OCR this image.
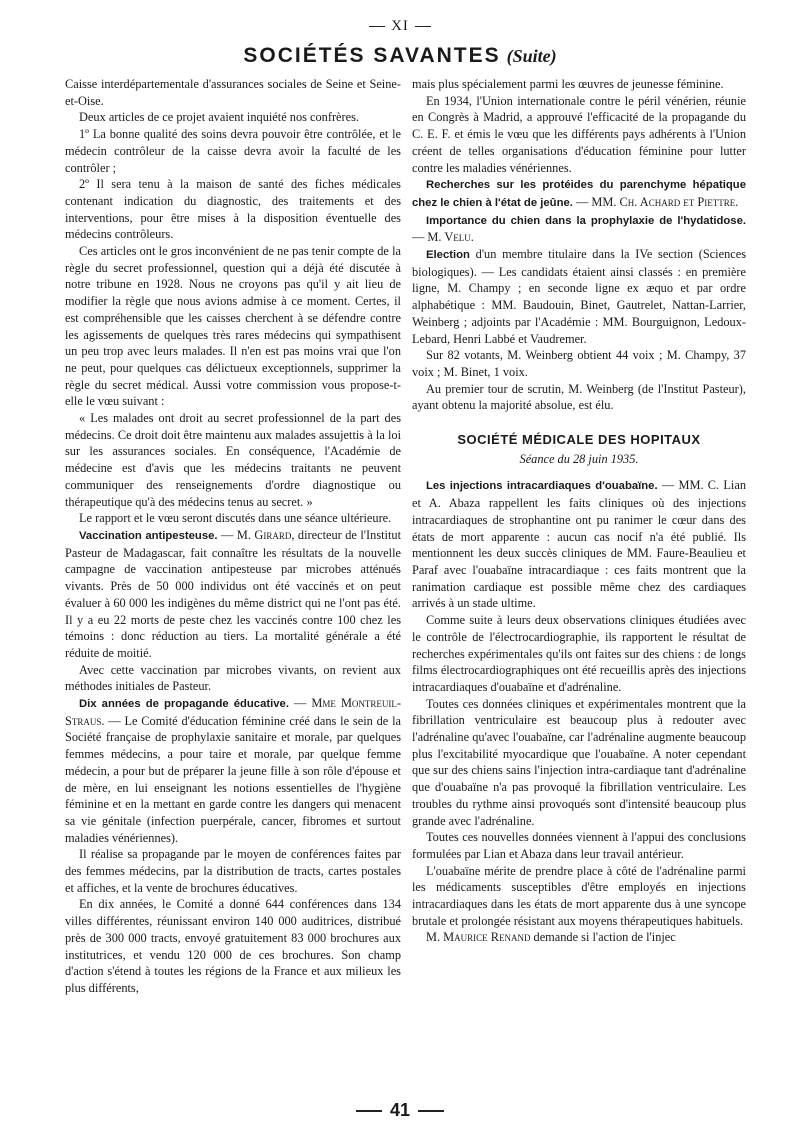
XI
SOCIÉTÉS SAVANTES (Suite)

Caisse interdépartementale d'assurances sociales de Seine et Seine-et-Oise.

Deux articles de ce projet avaient inquiété nos confrères.

1º La bonne qualité des soins devra pouvoir être contrôlée, et le médecin contrôleur de la caisse devra avoir la faculté de les contrôler ;

2º Il sera tenu à la maison de santé des fiches médicales contenant indication du diagnostic, des traitements et des interventions, pour être mises à la disposition éventuelle des médecins contrôleurs.

Ces articles ont le gros inconvénient de ne pas tenir compte de la règle du secret professionnel, question qui a déjà été discutée à notre tribune en 1928. Nous ne croyons pas qu'il y ait lieu de modifier la règle que nous avions admise à ce moment. Certes, il est compréhensible que les caisses cherchent à se défendre contre les agissements de quelques très rares médecins qui sympathisent un peu trop avec leurs malades. Il n'en est pas moins vrai que l'on ne peut, pour quelques cas délictueux exceptionnels, supprimer la règle du secret médical. Aussi votre commission vous propose-t-elle le vœu suivant :

« Les malades ont droit au secret professionnel de la part des médecins. Ce droit doit être maintenu aux malades assujettis à la loi sur les assurances sociales. En conséquence, l'Académie de médecine est d'avis que les médecins traitants ne peuvent communiquer des renseignements d'ordre diagnostique ou thérapeutique qu'à des médecins tenus au secret. »

Le rapport et le vœu seront discutés dans une séance ultérieure.

Vaccination antipesteuse. — M. Girard, directeur de l'Institut Pasteur de Madagascar, fait connaître les résultats de la nouvelle campagne de vaccination antipesteuse par microbes atténués vivants. Près de 50 000 individus ont été vaccinés et on peut évaluer à 60 000 les indigènes du même district qui ne l'ont pas été. Il y a eu 22 morts de peste chez les vaccinés contre 100 chez les témoins : donc réduction au tiers. La mortalité générale a été réduite de moitié.

Avec cette vaccination par microbes vivants, on revient aux méthodes initiales de Pasteur.

Dix années de propagande éducative. — Mme Montreuil-Straus. — Le Comité d'éducation féminine créé dans le sein de la Société française de prophylaxie sanitaire et morale, par quelques femmes médecins, a pour taire et morale, par quelque femme médecin, a pour but de préparer la jeune fille à son rôle d'épouse et de mère, en lui enseignant les notions essentielles de l'hygiène féminine et en la mettant en garde contre les dangers qui menacent sa vie génitale (infection puerpérale, cancer, fibromes et surtout maladies vénériennes).

Il réalise sa propagande par le moyen de conférences faites par des femmes médecins, par la distribution de tracts, cartes postales et affiches, et la vente de brochures éducatives.

En dix années, le Comité a donné 644 conférences dans 134 villes différentes, réunissant environ 140 000 auditrices, distribué près de 300 000 tracts, envoyé gratuitement 83 000 brochures aux institutrices, et vendu 120 000 de ces brochures. Son champ d'action s'étend à toutes les régions de la France et aux milieux les plus différents,

mais plus spécialement parmi les œuvres de jeunesse féminine.

En 1934, l'Union internationale contre le péril vénérien, réunie en Congrès à Madrid, a approuvé l'efficacité de la propagande du C. E. F. et émis le vœu que les différents pays adhérents à l'Union créent de telles organisations d'éducation féminine pour lutter contre les maladies vénériennes.

Recherches sur les protéides du parenchyme hépatique chez le chien à l'état de jeûne. — MM. Ch. Achard et Piettre.

Importance du chien dans la prophylaxie de l'hydatidose. — M. Velu.

Election d'un membre titulaire dans la IVe section (Sciences biologiques). — Les candidats étaient ainsi classés : en première ligne, M. Champy ; en seconde ligne ex æquo et par ordre alphabétique : MM. Baudouin, Binet, Gautrelet, Nattan-Larrier, Weinberg ; adjoints par l'Académie : MM. Bourguignon, Ledoux-Lebard, Henri Labbé et Vaudremer.

Sur 82 votants, M. Weinberg obtient 44 voix ; M. Champy, 37 voix ; M. Binet, 1 voix.

Au premier tour de scrutin, M. Weinberg (de l'Institut Pasteur), ayant obtenu la majorité absolue, est élu.

SOCIÉTÉ MÉDICALE DES HOPITAUX
Séance du 28 juin 1935.

Les injections intracardiaques d'ouabaïne. — MM. C. Lian et A. Abaza rappellent les faits cliniques où des injections intracardiaques de strophantine ont pu ranimer le cœur dans des états de mort apparente : aucun cas nocif n'a été publié. Ils mentionnent les deux succès cliniques de MM. Faure-Beaulieu et Paraf avec l'ouabaïne intracardiaque : ces faits montrent que la ranimation cardiaque est possible même chez des cardiaques arrivés à un stade ultime.

Comme suite à leurs deux observations cliniques étudiées avec le contrôle de l'électrocardiographie, ils rapportent le résultat de recherches expérimentales qu'ils ont faites sur des chiens : de longs films électrocardiographiques ont été recueillis après des injections intracardiaques d'ouabaïne et d'adrénaline.

Toutes ces données cliniques et expérimentales montrent que la fibrillation ventriculaire est beaucoup plus à redouter avec l'adrénaline qu'avec l'ouabaïne, car l'adrénaline augmente beaucoup plus l'excitabilité myocardique que l'ouabaïne. A noter cependant que sur des chiens sains l'injection intra-cardiaque tant d'adrénaline que d'ouabaïne n'a pas provoqué la fibrillation ventriculaire. Les troubles du rythme ainsi provoqués sont d'intensité beaucoup plus grande avec l'adrénaline.

Toutes ces nouvelles données viennent à l'appui des conclusions formulées par Lian et Abaza dans leur travail antérieur.

L'ouabaïne mérite de prendre place à côté de l'adrénaline parmi les médicaments susceptibles d'être employés en injections intracardiaques dans les états de mort apparente dus à une syncope brutale et prolongée résistant aux moyens thérapeutiques habituels.

M. Maurice Renand demande si l'action de l'injec

41
